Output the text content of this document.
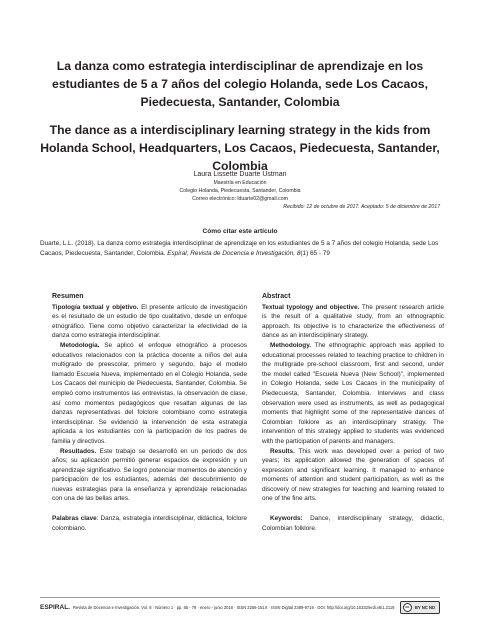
La danza como estrategia interdisciplinar de aprendizaje en los estudiantes de 5 a 7 años del colegio Holanda, sede Los Cacaos, Piedecuesta, Santander, Colombia
The dance as a interdisciplinary learning strategy in the kids from Holanda School, Headquarters, Los Cacaos, Piedecuesta, Santander, Colombia
Laura Lissette Duarte Ustman
Maestría en Educación
Colegio Holanda, Piedecuesta, Santander, Colombia
Correo electrónico: lduarte02@gmail.com
Recibido: 12 de octubre de 2017. Aceptado: 5 de diciembre de 2017
Cómo citar este artículo

Duarte, L.L. (2018). La danza como estrategia interdisciplinar de aprendizaje en los estudiantes de 5 a 7 años del colegio Holanda, sede Los Cacaos, Piedecuesta, Santander, Colombia. Espiral, Revista de Docencia e Investigación, 8(1) 65 - 79

Resumen

Tipología textual y objetivo. El presente artículo de investigación es el resultado de un estudio de tipo cualitativo, desde un enfoque etnográfico. Tiene como objetivo caracterizar la efectividad de la danza como estrategia interdisciplinar.

Metodología. Se aplicó el enfoque etnográfico a procesos educativos relacionados con la práctica docente a niños del aula multigrado de preescolar, primero y segundo, bajo el modelo llamado Escuela Nueva, implementado en el Colegio Holanda, sede Los Cacaos del municipio de Piedecuesta, Santander, Colombia. Se empleó como instrumentos las entrevistas, la observación de clase, así como momentos pedagógicos que resaltan algunas de las danzas representativas del folclore colombiano como estrategia interdisciplinar. Se evidenció la intervención de esta estrategia aplicada a los estudiantes con la participación de los padres de familia y directivos.

Resultados. Este trabajo se desarrolló en un periodo de dos años; su aplicación permitió generar espacios de expresión y un aprendizaje significativo. Se logró potenciar momentos de atención y participación de los estudiantes, además del descubrimiento de nuevas estrategias para la enseñanza y aprendizaje relacionadas con una de las bellas artes.

Palabras clave: Danza, estrategia interdisciplinar, didáctica, folclore colombiano.

Abstract

Textual typology and objective. The present research article is the result of a qualitative study, from an ethnographic approach. Its objective is to characterize the effectiveness of dance as an interdisciplinary strategy.

Methodology. The ethnographic approach was applied to educational processes related to teaching practice to children in the multigrade pre-school classroom, first and second, under the model called "Escuela Nueva (New School)", implemented in Colegio Holanda, sede Los Cacaos in the municipality of Piedecuesta, Santander, Colombia. Interviews and class observation were used as instruments, as well as pedagogical moments that highlight some of the representative dances of Colombian folklore as an interdisciplinary strategy. The intervention of this strategy applied to students was evidenced with the participation of parents and managers.

Results. This work was developed over a period of two years; its application allowed the generation of spaces of expression and significant learning. It managed to enhance moments of attention and student participation, as well as the discovery of new strategies for teaching and learning related to one of the fine arts.

Keywords: Dance, interdisciplinary strategy, didactic, Colombian folklore.

ESPIRAL. Revista de Docencia e Investigación. Vol. 8 · Número 1 · pp. 65 - 79 · enero - junio 2018 · ISSN 2256-151X · ISSN Digital 2389-9719 · DOI: http://doi.org/10.15332/erdi.v8i1.2119	cc	BY NC ND
